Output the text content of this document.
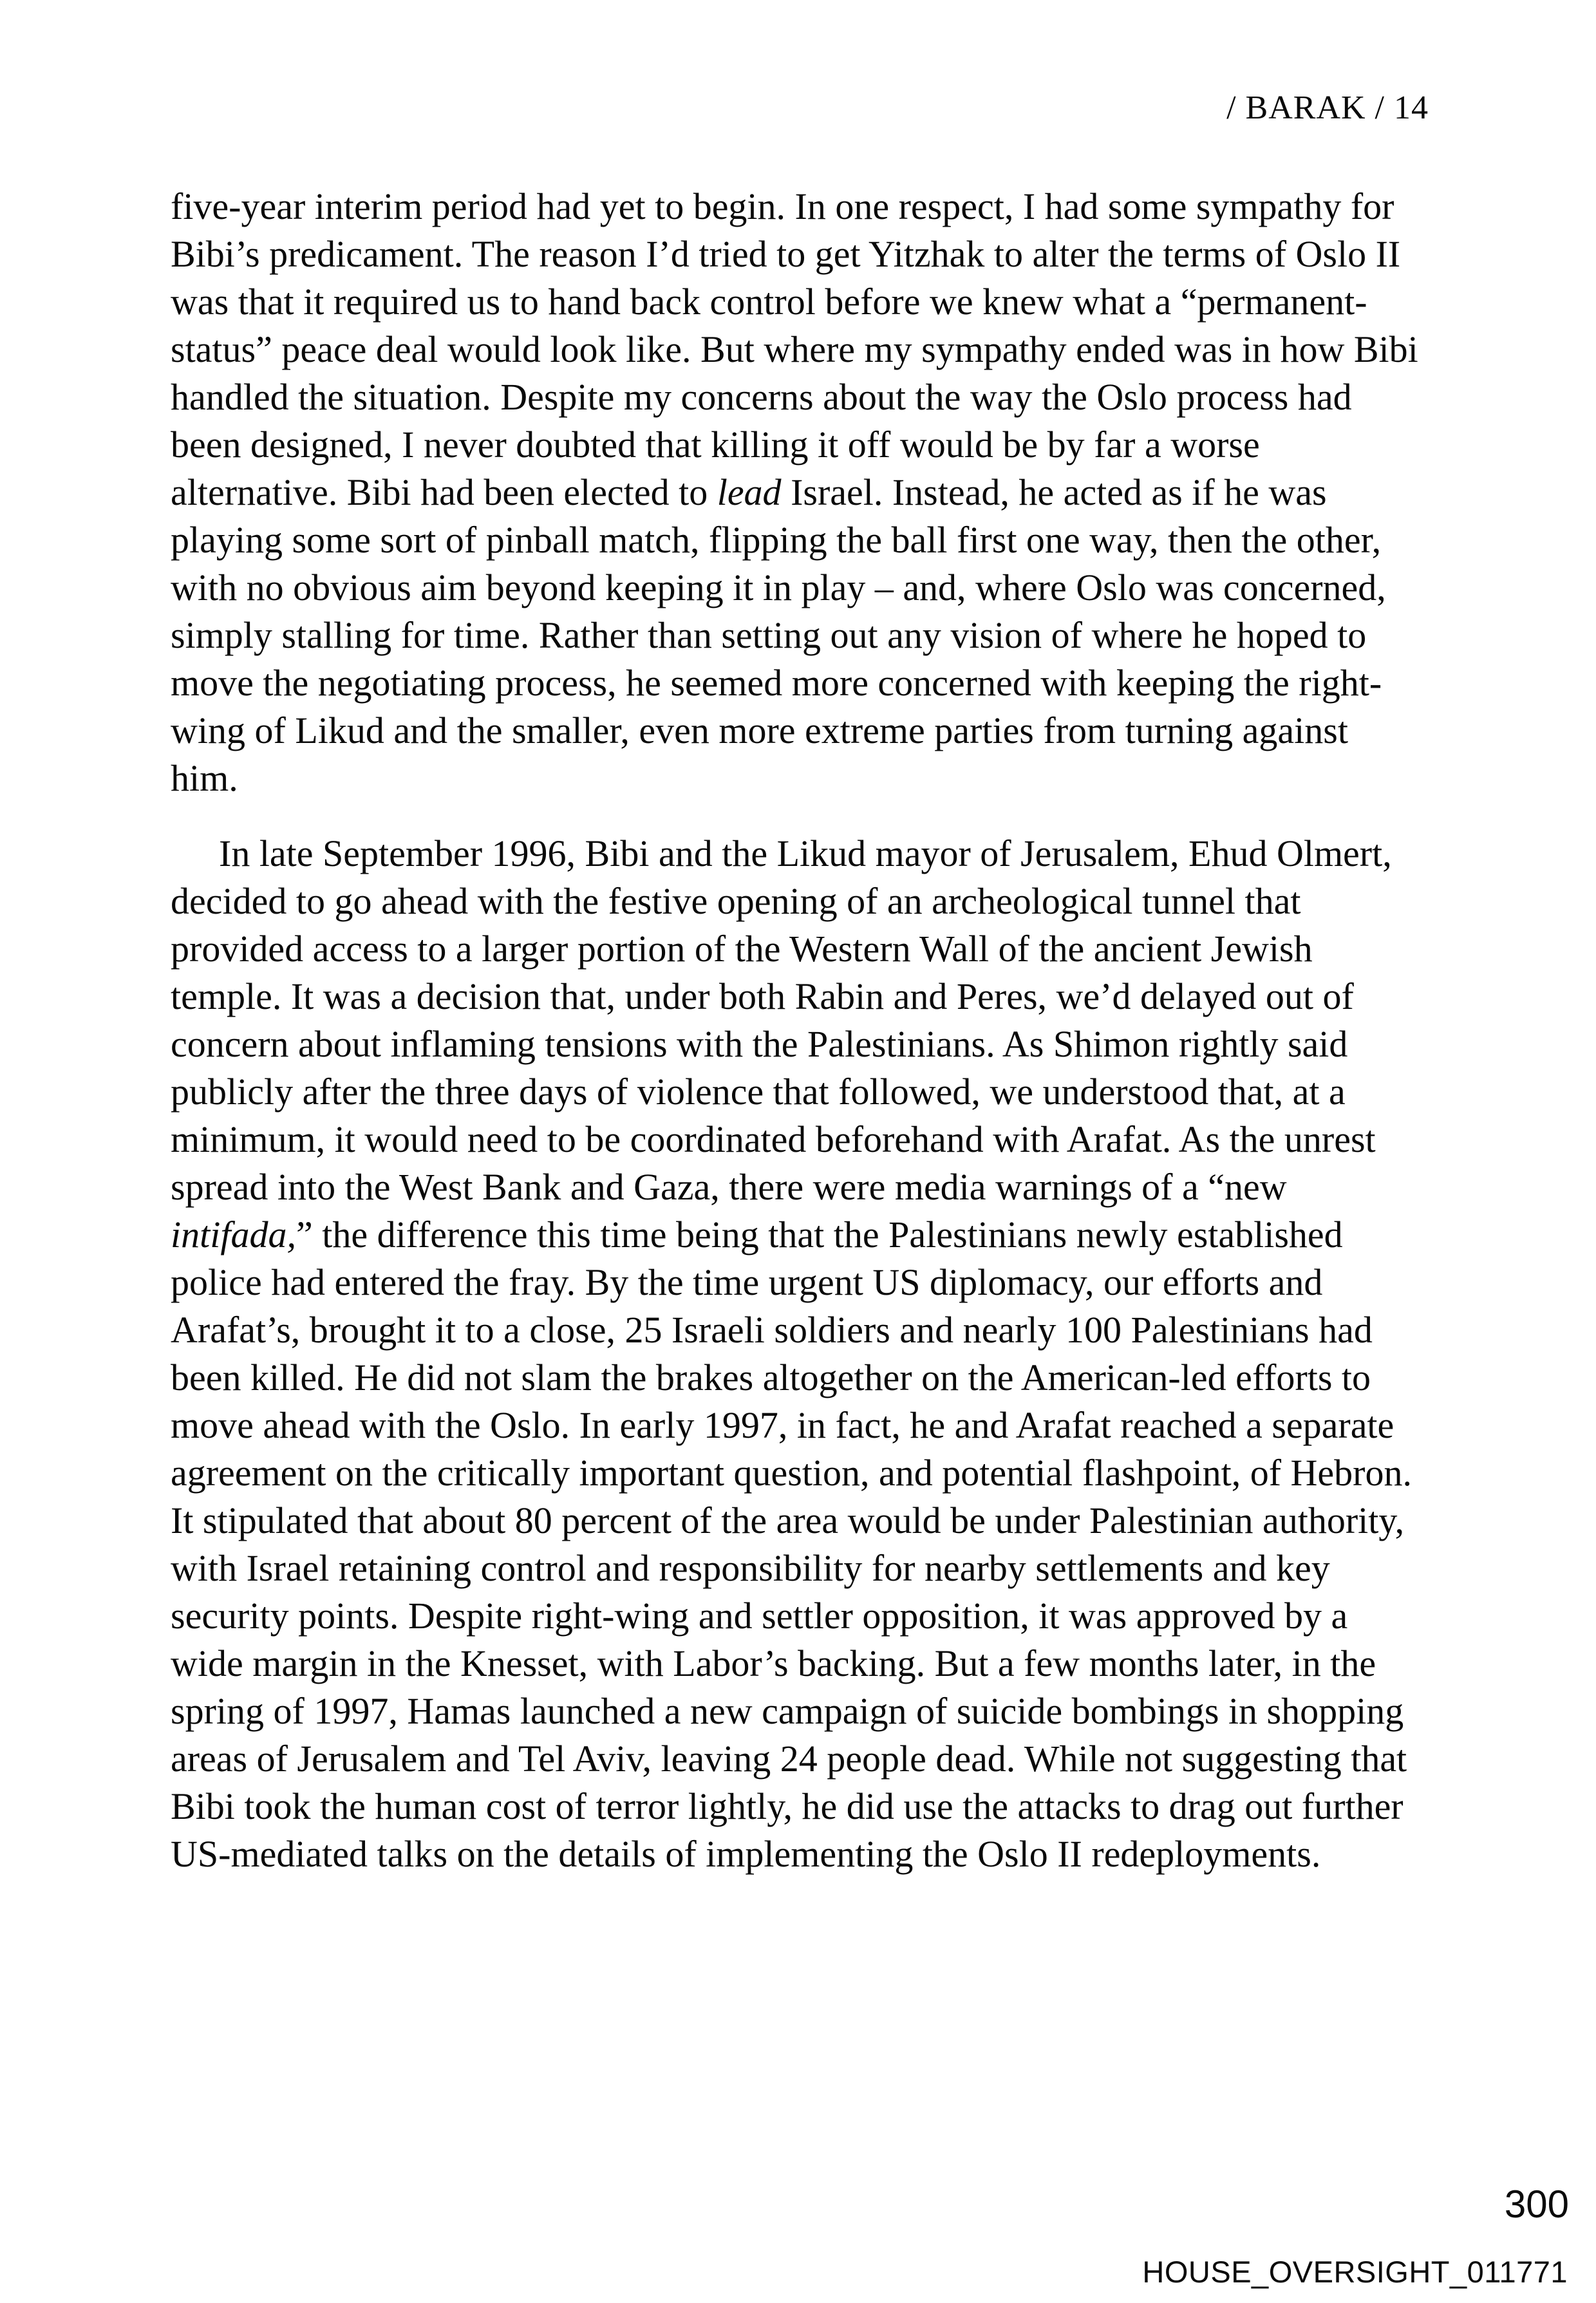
/ BARAK / 14
five-year interim period had yet to begin. In one respect, I had some sympathy for
Bibi’s predicament. The reason I’d tried to get Yitzhak to alter the terms of Oslo II
was that it required us to hand back control before we knew what a “permanent-
status” peace deal would look like. But where my sympathy ended was in how Bibi
handled the situation. Despite my concerns about the way the Oslo process had
been designed, I never doubted that killing it off would be by far a worse
alternative. Bibi had been elected to lead Israel. Instead, he acted as if he was
playing some sort of pinball match, flipping the ball first one way, then the other,
with no obvious aim beyond keeping it in play – and, where Oslo was concerned,
simply stalling for time. Rather than setting out any vision of where he hoped to
move the negotiating process, he seemed more concerned with keeping the right-
wing of Likud and the smaller, even more extreme parties from turning against
him.
In late September 1996, Bibi and the Likud mayor of Jerusalem, Ehud Olmert,
decided to go ahead with the festive opening of an archeological tunnel that
provided access to a larger portion of the Western Wall of the ancient Jewish
temple. It was a decision that, under both Rabin and Peres, we’d delayed out of
concern about inflaming tensions with the Palestinians. As Shimon rightly said
publicly after the three days of violence that followed, we understood that, at a
minimum, it would need to be coordinated beforehand with Arafat. As the unrest
spread into the West Bank and Gaza, there were media warnings of a “new
intifada,” the difference this time being that the Palestinians newly established
police had entered the fray. By the time urgent US diplomacy, our efforts and
Arafat’s, brought it to a close, 25 Israeli soldiers and nearly 100 Palestinians had
been killed. He did not slam the brakes altogether on the American-led efforts to
move ahead with the Oslo. In early 1997, in fact, he and Arafat reached a separate
agreement on the critically important question, and potential flashpoint, of Hebron.
It stipulated that about 80 percent of the area would be under Palestinian authority,
with Israel retaining control and responsibility for nearby settlements and key
security points. Despite right-wing and settler opposition, it was approved by a
wide margin in the Knesset, with Labor’s backing. But a few months later, in the
spring of 1997, Hamas launched a new campaign of suicide bombings in shopping
areas of Jerusalem and Tel Aviv, leaving 24 people dead. While not suggesting that
Bibi took the human cost of terror lightly, he did use the attacks to drag out further
US-mediated talks on the details of implementing the Oslo II redeployments.
300
HOUSE_OVERSIGHT_011771
